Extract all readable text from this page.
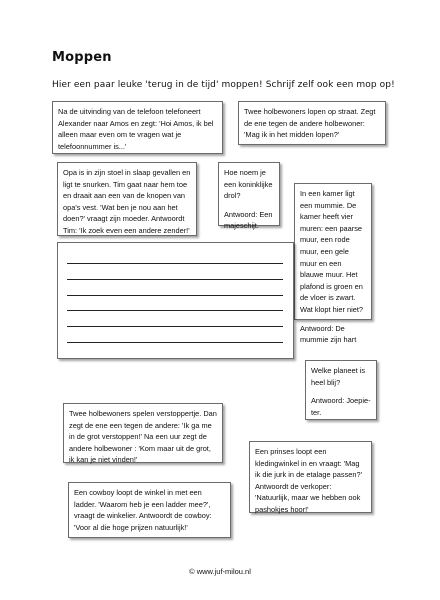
Moppen

Hier een paar leuke 'terug in de tijd' moppen! Schrijf zelf ook een mop op!

Na de uitvinding van de telefoon telefoneert Alexander naar Amos en zegt: 'Hoi Amos, ik bel alleen maar even om te vragen wat je telefoonnummer is...'

Twee holbewoners lopen op straat. Zegt de ene tegen de andere holbewoner: 'Mag ik in het midden lopen?'

Opa is in zijn stoel in slaap gevallen en ligt te snurken. Tim gaat naar hem toe en draait aan een van de knopen van opa's vest. 'Wat ben je nou aan het doen?' vraagt zijn moeder. Antwoordt Tim: 'Ik zoek even een andere zender!'

Hoe noem je een koninklijke drol?

Antwoord: Een majeschijt.

In een kamer ligt een mummie. De kamer heeft vier muren: een paarse muur, een rode muur, een gele muur en een blauwe muur. Het plafond is groen en de vloer is zwart. Wat klopt hier niet?

Antwoord: De mummie zijn hart

Welke planeet is heel blij?

Antwoord: Joepie-ter.

Twee holbewoners spelen verstoppertje. Dan zegt de ene een tegen de andere: 'Ik ga me in de grot verstoppen!' Na een uur zegt de andere holbewoner : 'Kom maar uit de grot, ik kan je niet vinden!'

Een prinses loopt een kledingwinkel in en vraagt: 'Mag ik die jurk in de etalage passen?' Antwoordt de verkoper: 'Natuurlijk, maar we hebben ook pashokjes hoor!'

Een cowboy loopt de winkel in met een ladder. 'Waarom heb je een ladder mee?', vraagt de winkelier. Antwoordt de cowboy: 'Voor al die hoge prijzen natuurlijk!'

© www.juf-milou.nl
